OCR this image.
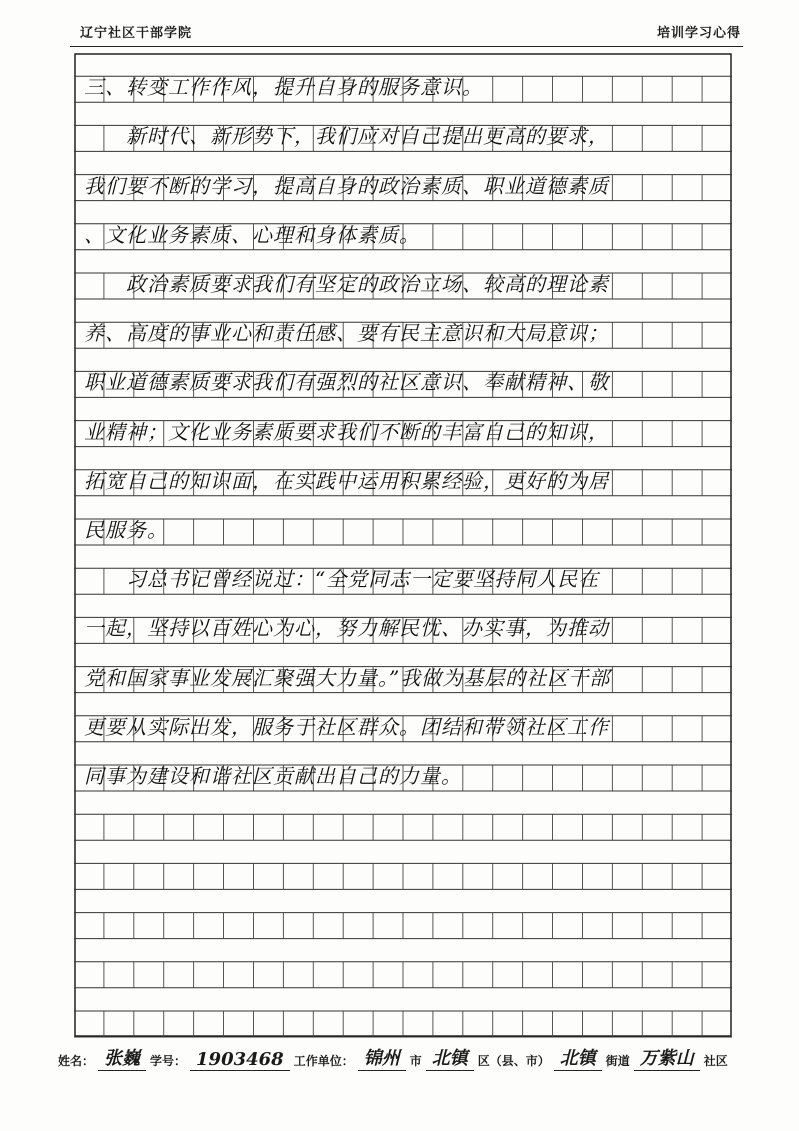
辽宁社区干部学院	培训学习心得
三、转变工作作风，提升自身的服务意识。
　　新时代、新形势下，我们应对自己提出更高的要求，
我们要不断的学习，提高自身的政治素质、职业道德素质
、文化业务素质、心理和身体素质。
　　政治素质要求我们有坚定的政治立场、较高的理论素
养、高度的事业心和责任感、要有民主意识和大局意识；
职业道德素质要求我们有强烈的社区意识、奉献精神、敬
业精神；文化业务素质要求我们不断的丰富自己的知识，
拓宽自己的知识面，在实践中运用积累经验，更好的为居
民服务。
　　习总书记曾经说过：“全党同志一定要坚持同人民在
一起，坚持以百姓心为心，努力解民忧、办实事，为推动
党和国家事业发展汇聚强大力量。”我做为基层的社区干部
更要从实际出发，服务于社区群众。团结和带领社区工作
同事为建设和谐社区贡献出自己的力量。
姓名： 张巍 学号： 1903468 工作单位： 锦州 市 北镇 区（县、市） 北镇 街道 万紫山 社区
